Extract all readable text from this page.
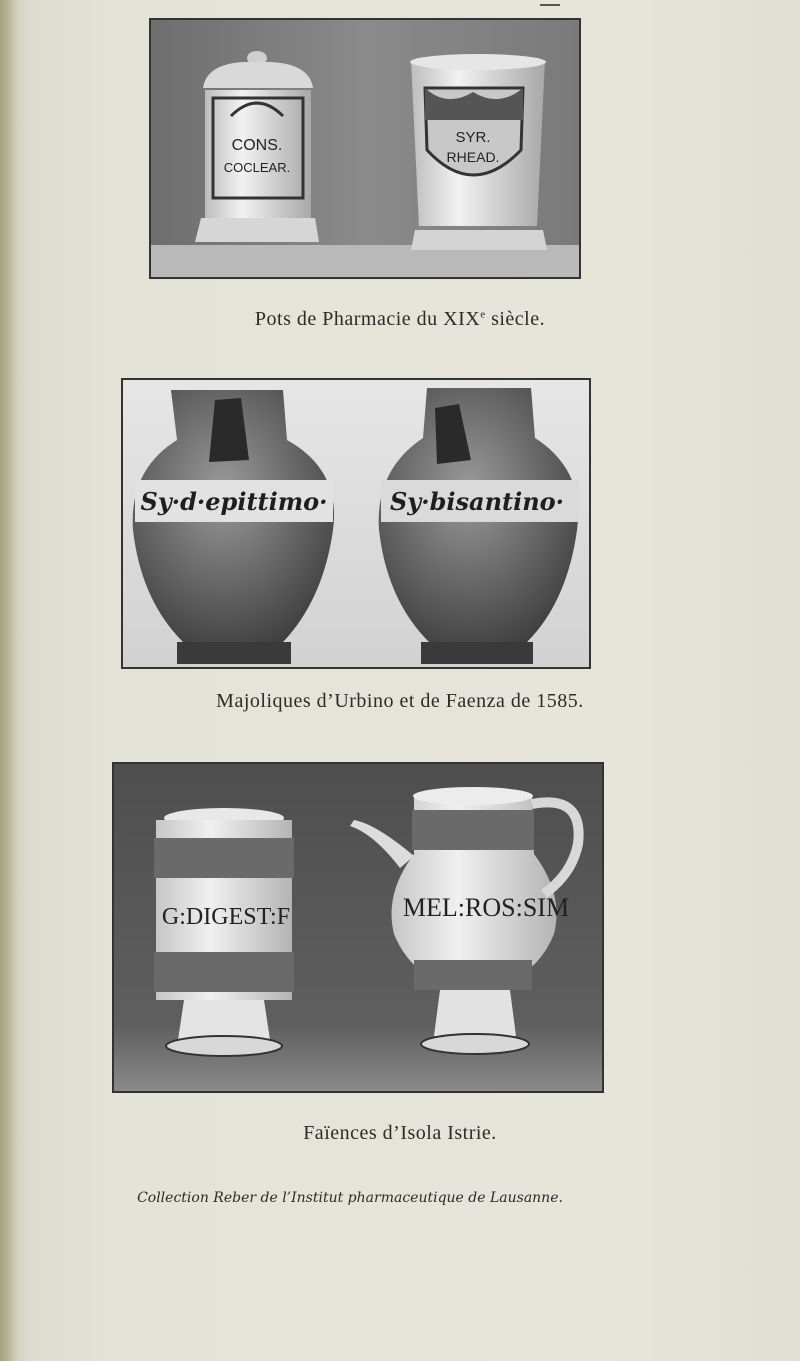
CONS.
COCLEAR.
SYR.
RHEAD.
Pots de Pharmacie du XIXe siècle.
Sy·d·epittimo·	Sy·bisantino·
Majoliques d’Urbino et de Faenza de 1585.
G:DIGEST:F	MEL:ROS:SIM
Faïences d’Isola Istrie.
Collection Reber de l’Institut pharmaceutique de Lausanne.
